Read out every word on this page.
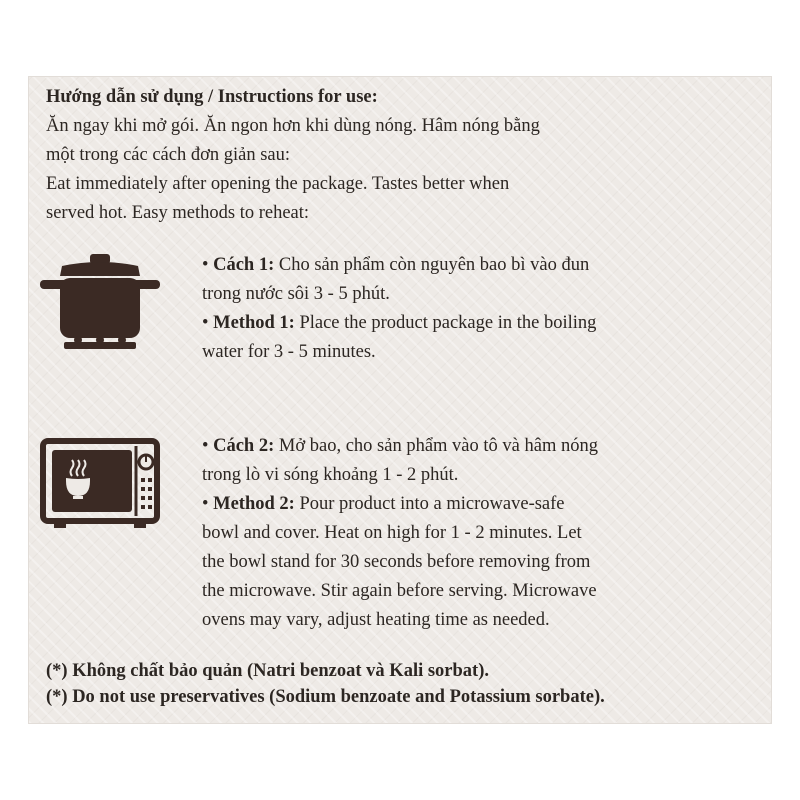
Hướng dẫn sử dụng / Instructions for use:
Ăn ngay khi mở gói. Ăn ngon hơn khi dùng nóng. Hâm nóng bằng
một trong các cách đơn giản sau:
Eat immediately after opening the package. Tastes better when
served hot. Easy methods to reheat:
• Cách 1: Cho sản phẩm còn nguyên bao bì vào đun
trong nước sôi 3 - 5 phút.
• Method 1: Place the product package in the boiling
water for 3 - 5 minutes.
• Cách 2: Mở bao, cho sản phẩm vào tô và hâm nóng
trong lò vi sóng khoảng 1 - 2 phút.
• Method 2: Pour product into a microwave-safe
bowl and cover. Heat on high for 1 - 2 minutes. Let
the bowl stand for 30 seconds before removing from
the microwave. Stir again before serving. Microwave
ovens may vary, adjust heating time as needed.
(*) Không chất bảo quản (Natri benzoat và Kali sorbat).
(*) Do not use preservatives (Sodium benzoate and Potassium sorbate).
